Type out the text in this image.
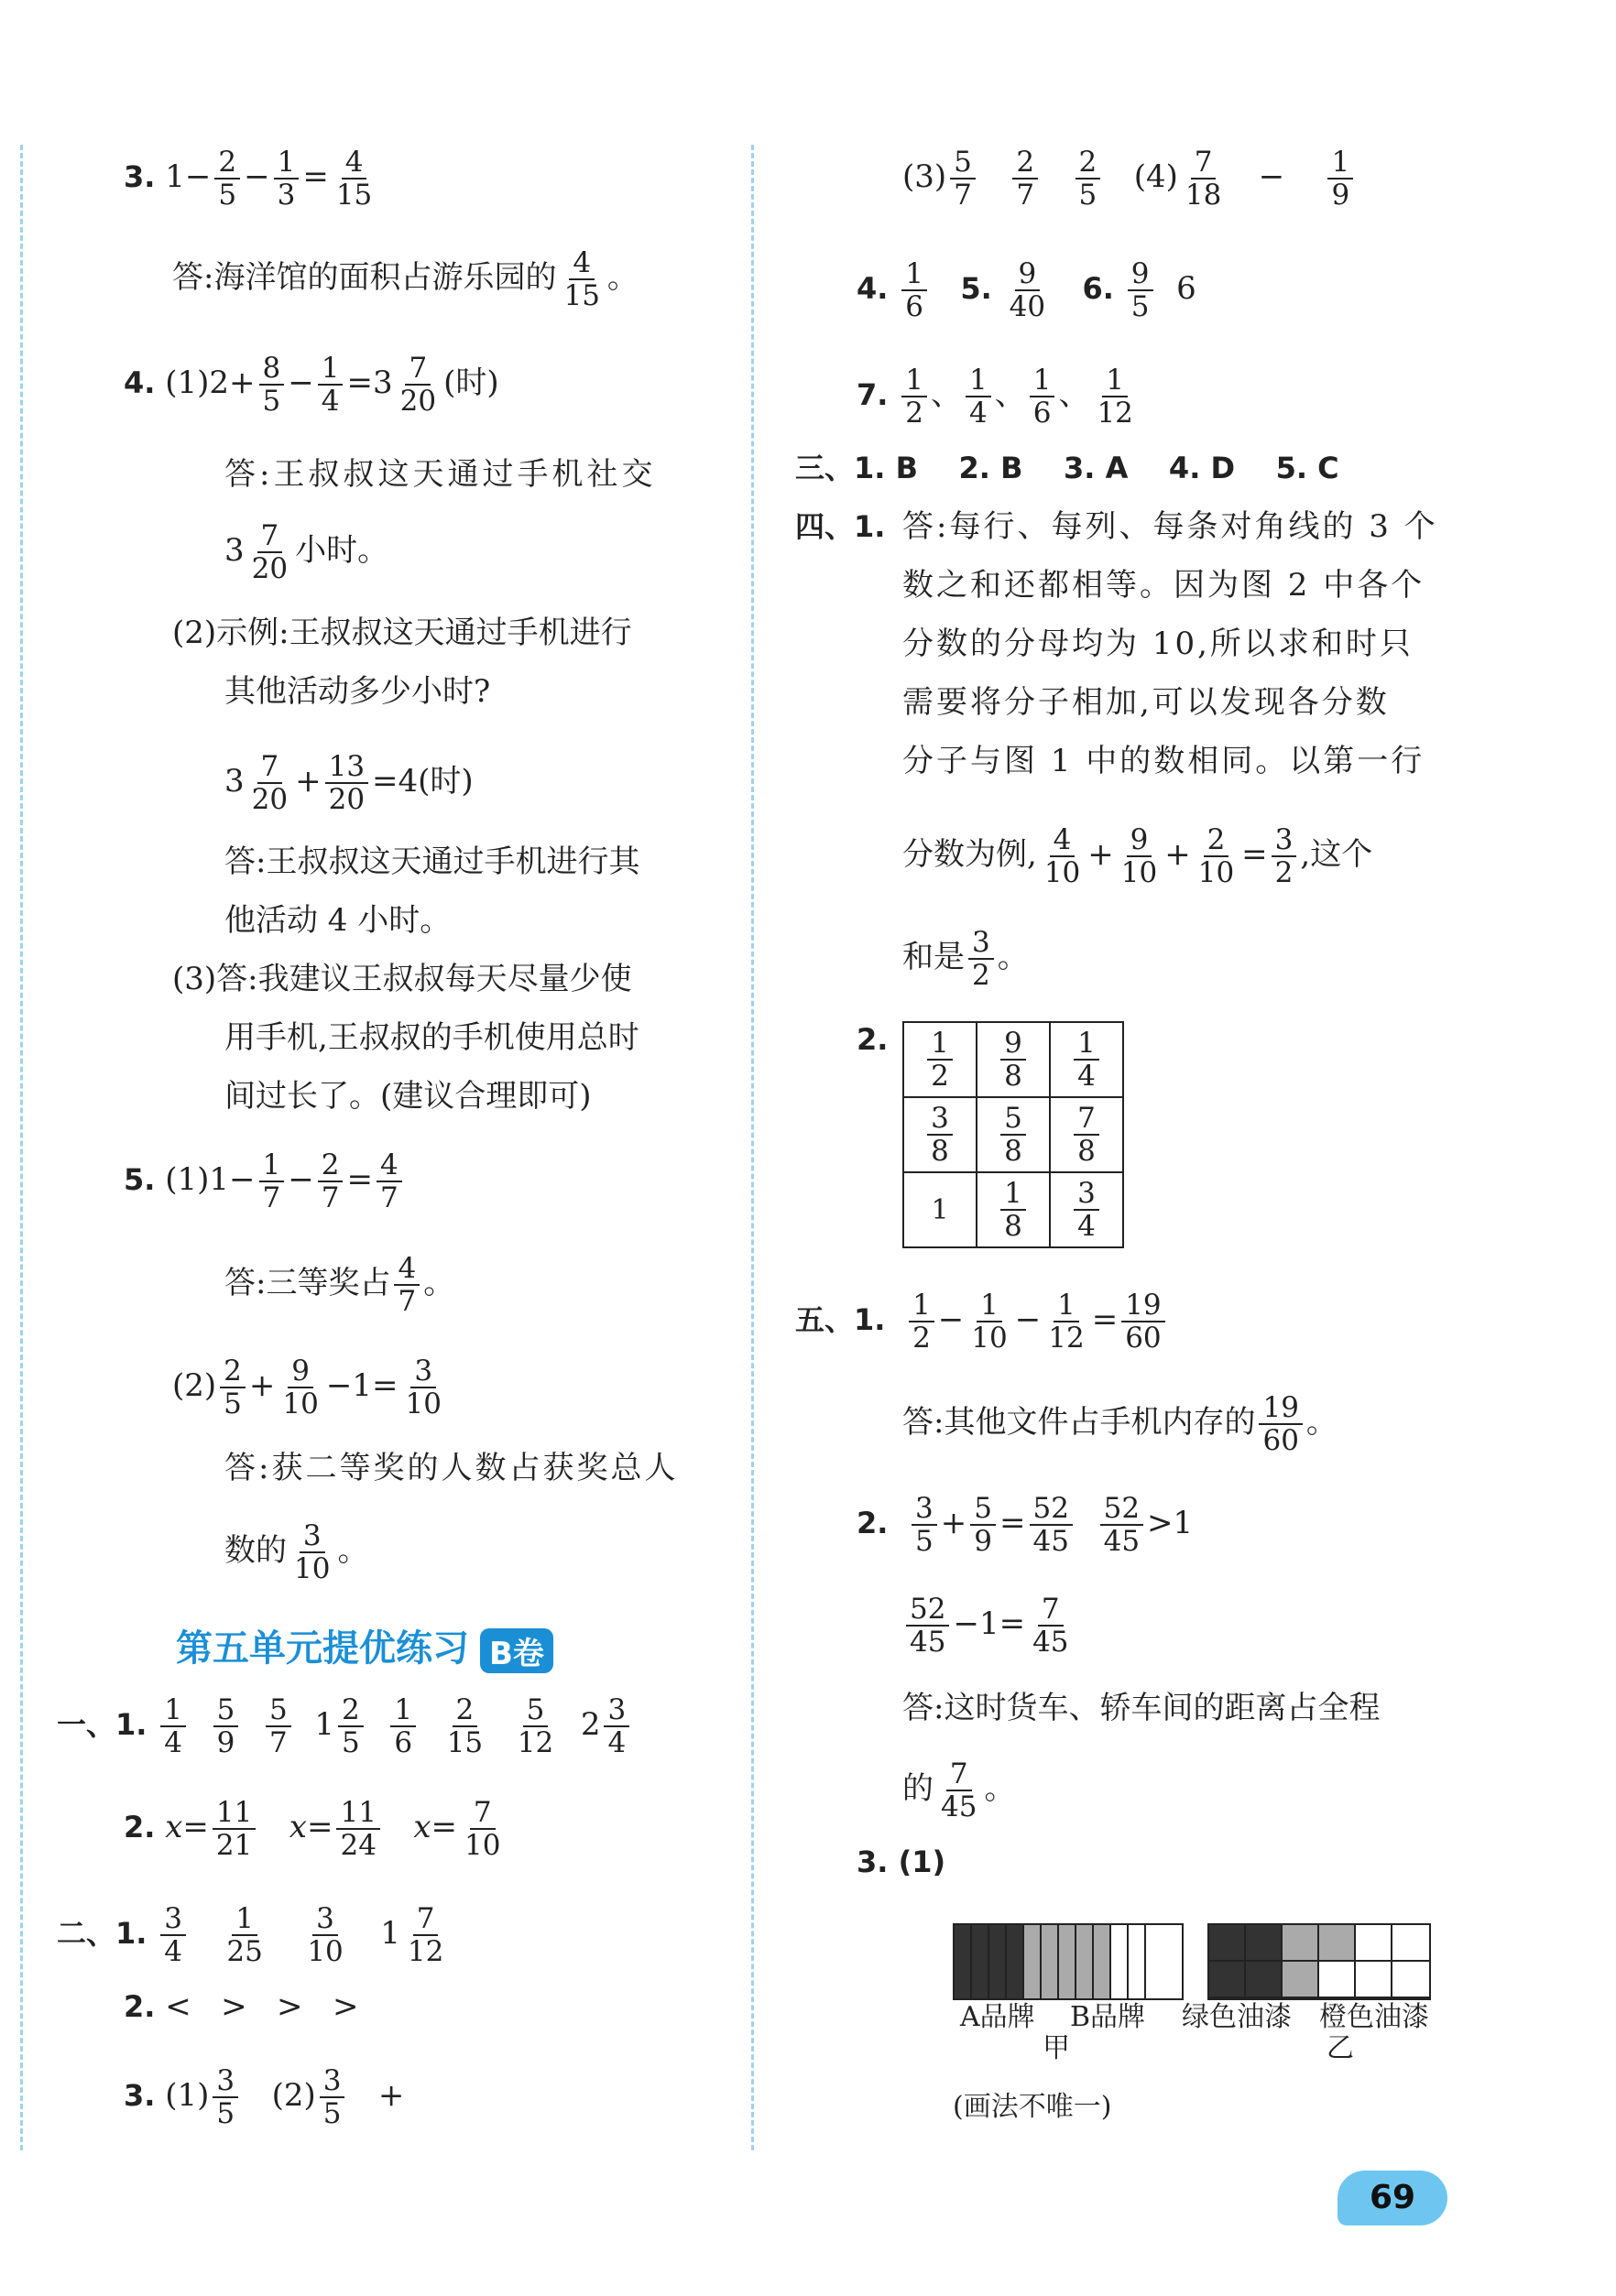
3. $1- \frac{2}{5} - \frac{1}{3} = \frac{4}{15}$
答:海洋馆的面积占游乐园的 $\frac{4}{15}$ 。
4. $(1)2+ \frac{8}{5} - \frac{1}{4} =3 \frac{7}{20}$ (时)
答:王叔叔这天通过手机社交
$3 \frac{7}{20}$ 小时。
(2)示例:王叔叔这天通过手机进行
其他活动多少小时?
$3 \frac{7}{20} + \frac{13}{20} =4$(时)
答:王叔叔这天通过手机进行其
他活动 4 小时。
(3)答:我建议王叔叔每天尽量少使
用手机,王叔叔的手机使用总时
间过长了。(建议合理即可)
5. $(1)1- \frac{1}{7} - \frac{2}{7} = \frac{4}{7}$
答:三等奖占 $\frac{4}{7}$ 。
$(2) \frac{2}{5} + \frac{9}{10} -1= \frac{3}{10}$
答:获二等奖的人数占获奖总人
数的 $\frac{3}{10}$ 。
第五单元提优练习 B卷
一、1. $\frac{1}{4}$
$\frac{5}{9}$
$\frac{5}{7} 1 \frac{2}{5}$
$\frac{1}{6}$
$\frac{2}{15}$
$\frac{5}{12} 2 \frac{3}{4}$
2. $x= \frac{11}{21} x= \frac{11}{24} x= \frac{7}{10}$
二、1. $\frac{3}{4}$
$\frac{1}{25}$
$\frac{3}{10} 1 \frac{7}{12}$
2. <   >   >   >
3. $(1) \frac{3}{5} (2) \frac{3}{5}$ +
$(3) \frac{5}{7}$
$\frac{2}{7}$
$\frac{2}{5} (4) \frac{7}{18} - \frac{1}{9}$
4. $\frac{1}{6} 5$. $\frac{9}{40} 6$. $\frac{9}{5} 6$
7. $\frac{1}{2}$ 、 $\frac{1}{4}$ 、 $\frac{1}{6}$ 、 $\frac{1}{12}$
三、1. B    2. B    3. A    4. D    5. C
四、1. 答:每行、每列、每条对角线的 3 个
数之和还都相等。因为图 2 中各个
分数的分母均为 10,所以求和时只
需要将分子相加,可以发现各分数
分子与图 1 中的数相同。以第一行
分数为例, $\frac{4}{10} + \frac{9}{10} + \frac{2}{10} = \frac{3}{2}$ ,这个
和是 $\frac{3}{2}$ 。
2. $\frac{1}{2}$	$\frac{9}{8}$	$\frac{1}{4}$

$\frac{3}{8}$	$\frac{5}{8}$	$\frac{7}{8}$

1	$\frac{1}{8}$	$\frac{3}{4}$
五、1. $\frac{1}{2} - \frac{1}{10} - \frac{1}{12} = \frac{19}{60}$
答:其他文件占手机内存的 $\frac{19}{60}$ 。
2. $\frac{3}{5} + \frac{5}{9} = \frac{52}{45}$
$\frac{52}{45} >1$
$\frac{52}{45} -1= \frac{7}{45}$
答:这时货车、轿车间的距离占全程
的 $\frac{7}{45}$ 。
3. (1)
A品牌 B品牌
甲
绿色油漆 橙色油漆
乙
(画法不唯一)
69
